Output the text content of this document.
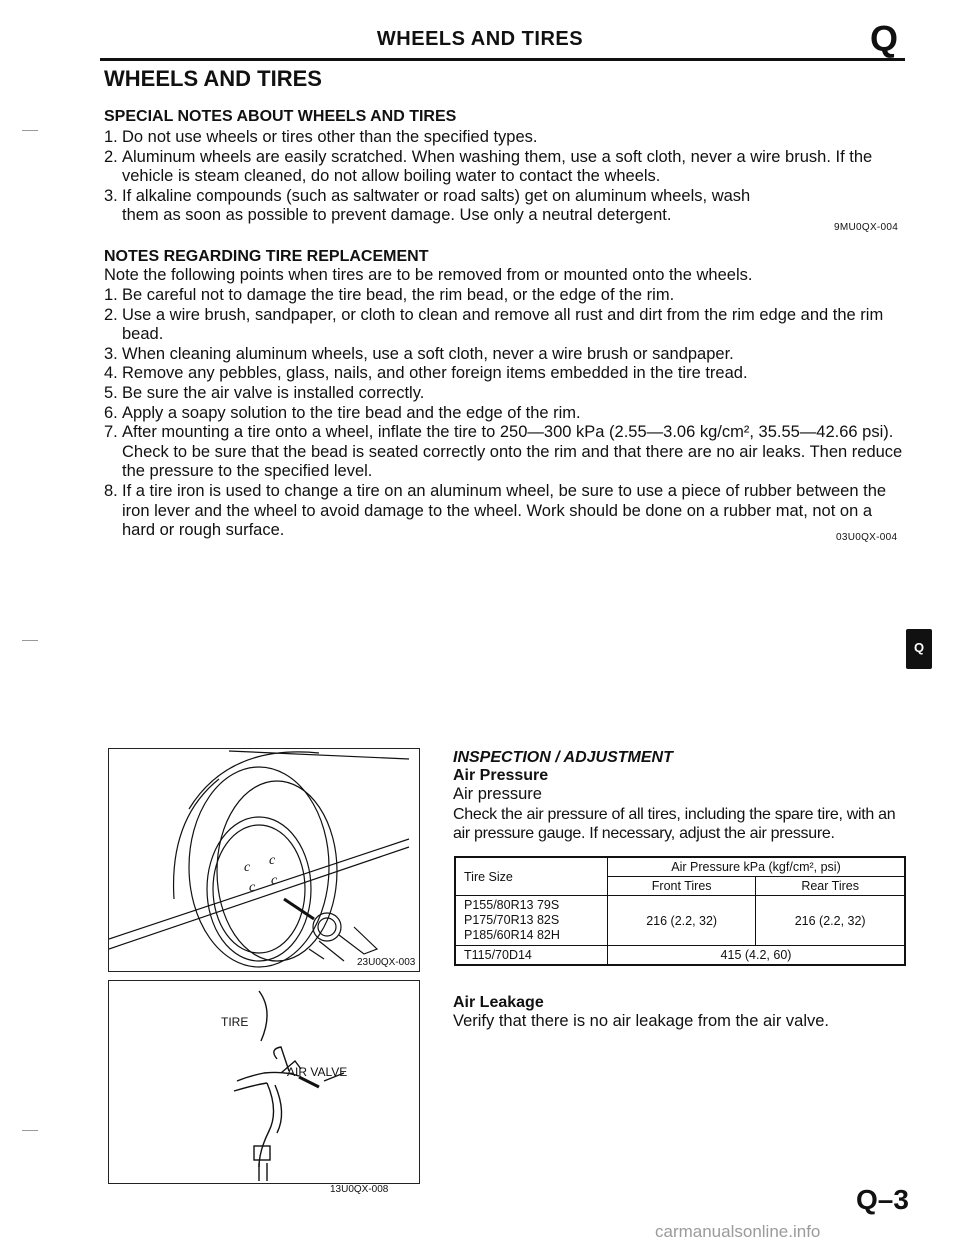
WHEELS AND TIRES	Q
WHEELS AND TIRES
SPECIAL NOTES ABOUT WHEELS AND TIRES
1. Do not use wheels or tires other than the specified types.
2. Aluminum wheels are easily scratched. When washing them, use a soft cloth, never a wire brush. If the vehicle is steam cleaned, do not allow boiling water to contact the wheels.
3. If alkaline compounds (such as saltwater or road salts) get on aluminum wheels, wash them as soon as possible to prevent damage. Use only a neutral detergent.
9MU0QX-004
NOTES REGARDING TIRE REPLACEMENT
Note the following points when tires are to be removed from or mounted onto the wheels.
1. Be careful not to damage the tire bead, the rim bead, or the edge of the rim.
2. Use a wire brush, sandpaper, or cloth to clean and remove all rust and dirt from the rim edge and the rim bead.
3. When cleaning aluminum wheels, use a soft cloth, never a wire brush or sandpaper.
4. Remove any pebbles, glass, nails, and other foreign items embedded in the tire tread.
5. Be sure the air valve is installed correctly.
6. Apply a soapy solution to the tire bead and the edge of the rim.
7. After mounting a tire onto a wheel, inflate the tire to 250—300 kPa (2.55—3.06 kg/cm², 35.55—42.66 psi). Check to be sure that the bead is seated correctly onto the rim and that there are no air leaks. Then reduce the pressure to the specified level.
8. If a tire iron is used to change a tire on an aluminum wheel, be sure to use a piece of rubber between the iron lever and the wheel to avoid damage to the wheel. Work should be done on a rubber mat, not on a hard or rough surface.	03U0QX-004
Q
c c
c c
23U0QX-003
TIRE
AIR VALVE
13U0QX-008
INSPECTION / ADJUSTMENT
Air Pressure
Air pressure
Check the air pressure of all tires, including the spare tire, with an air pressure gauge. If necessary, adjust the air pressure.
Tire Size	Air Pressure kPa (kgf/cm², psi)	
	Front Tires	Rear Tires

P155/80R13 79S
P175/70R13 82S
P185/60R14 82H	216 (2.2, 32)	216 (2.2, 32)
T115/70D14	415 (4.2, 60)	
Air Leakage
Verify that there is no air leakage from the air valve.
Q–3
carmanualsonline.info
